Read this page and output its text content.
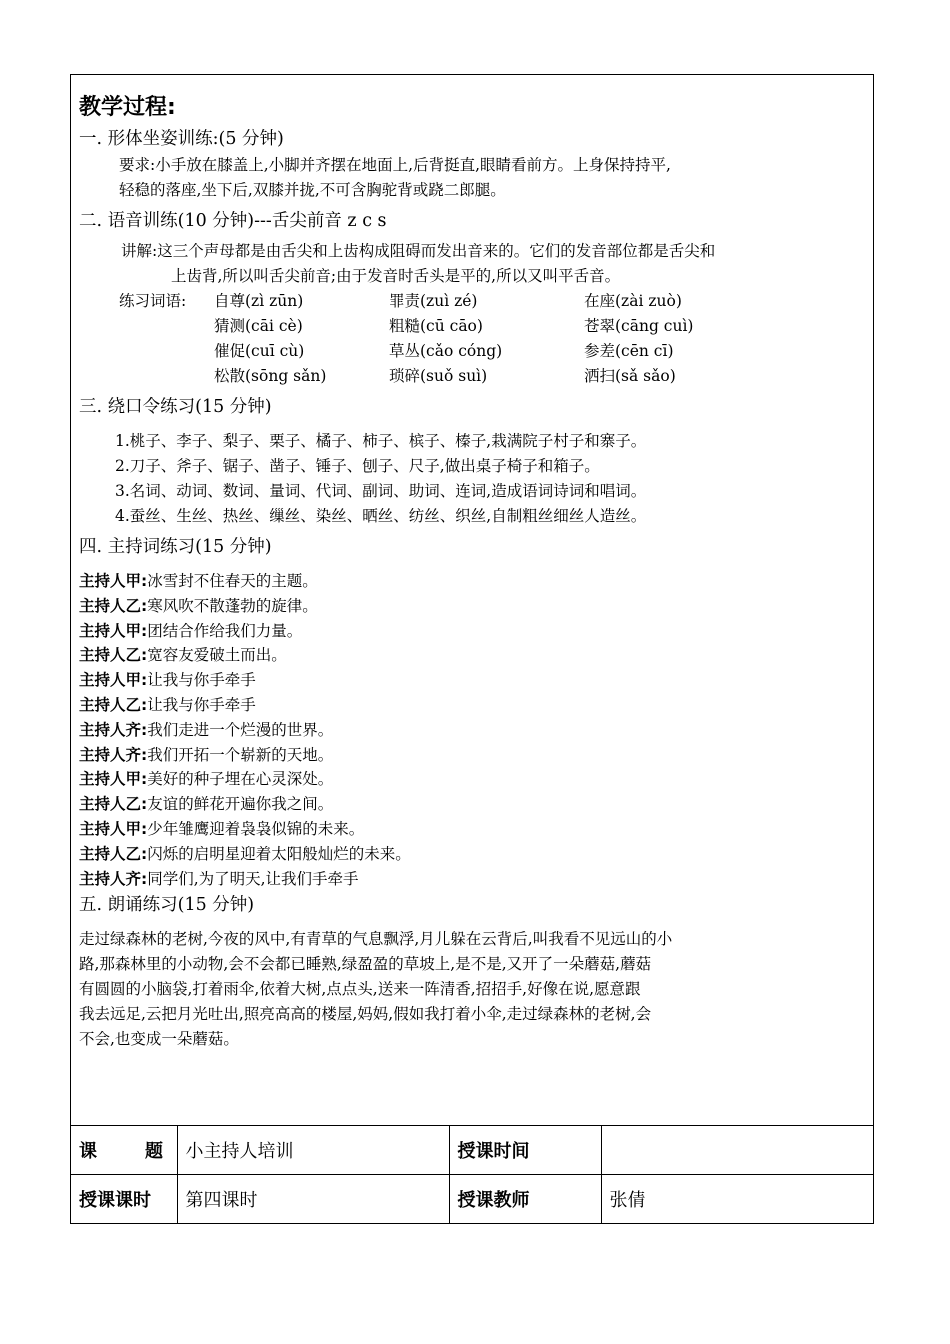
教学过程:
一. 形体坐姿训练:(5 分钟)
要求:小手放在膝盖上,小脚并齐摆在地面上,后背挺直,眼睛看前方。上身保持持平,
轻稳的落座,坐下后,双膝并拢,不可含胸驼背或跷二郎腿。
二. 语音训练(10 分钟)---舌尖前音 z c s
讲解:这三个声母都是由舌尖和上齿构成阻碍而发出音来的。它们的发音部位都是舌尖和
上齿背,所以叫舌尖前音;由于发音时舌头是平的,所以又叫平舌音。
练习词语:	自尊(zì zūn)	罪责(zuì zé)	在座(zài zuò)
猜测(cāi cè)	粗糙(cū cāo)	苍翠(cāng cuì)
催促(cuī cù)	草丛(cǎo cóng)	参差(cēn cī)
松散(sōng sǎn)	琐碎(suǒ suì)	洒扫(sǎ sǎo)
三. 绕口令练习(15 分钟)
1.桃子、李子、梨子、栗子、橘子、柿子、槟子、榛子,栽满院子村子和寨子。
2.刀子、斧子、锯子、凿子、锤子、刨子、尺子,做出桌子椅子和箱子。
3.名词、动词、数词、量词、代词、副词、助词、连词,造成语词诗词和唱词。
4.蚕丝、生丝、热丝、缫丝、染丝、晒丝、纺丝、织丝,自制粗丝细丝人造丝。
四. 主持词练习(15 分钟)
主持人甲:冰雪封不住春天的主题。
主持人乙:寒风吹不散蓬勃的旋律。
主持人甲:团结合作给我们力量。
主持人乙:宽容友爱破土而出。
主持人甲:让我与你手牵手
主持人乙:让我与你手牵手
主持人齐:我们走进一个烂漫的世界。
主持人齐:我们开拓一个崭新的天地。
主持人甲:美好的种子埋在心灵深处。
主持人乙:友谊的鲜花开遍你我之间。
主持人甲:少年雏鹰迎着袅袅似锦的未来。
主持人乙:闪烁的启明星迎着太阳般灿烂的未来。
主持人齐:同学们,为了明天,让我们手牵手
五. 朗诵练习(15 分钟)
走过绿森林的老树,今夜的风中,有青草的气息飘浮,月儿躲在云背后,叫我看不见远山的小
路,那森林里的小动物,会不会都已睡熟,绿盈盈的草坡上,是不是,又开了一朵蘑菇,蘑菇
有圆圆的小脑袋,打着雨伞,依着大树,点点头,送来一阵清香,招招手,好像在说,愿意跟
我去远足,云把月光吐出,照亮高高的楼屋,妈妈,假如我打着小伞,走过绿森林的老树,会
不会,也变成一朵蘑菇。
课 题	小主持人培训	授课时间	
授课课时	第四课时	授课教师	张倩
